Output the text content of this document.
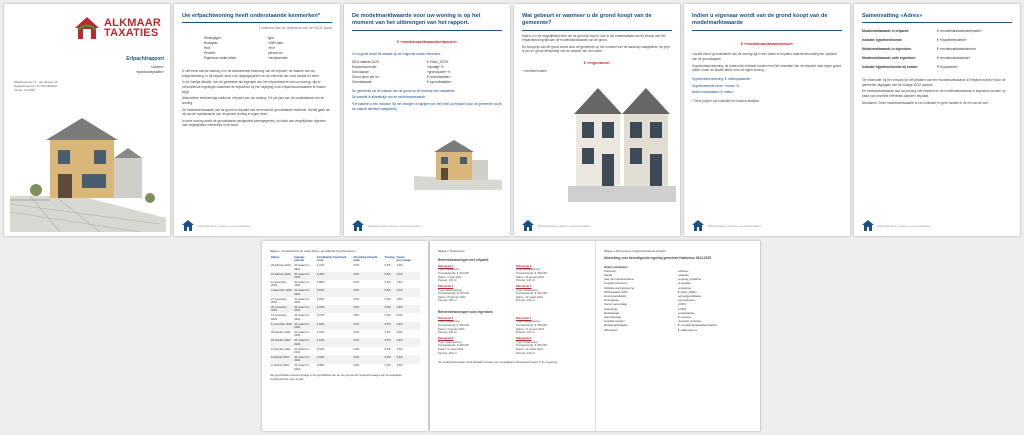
ALKMAAR
TAXATIES
Erfpachtrapport
«Adres»
«postcodeplaats»
Objectnummer: 0_ van de test: 15
Rapportnummer: 47/ 04/7/9/2024
Versie: 1.0.2024
Uw erfpachtwoning heeft onderstaande kenmerken*
(*ontleend aan de gegevens van het WOZ-loket)
Woningtype:	type
Bouwjaar:	«ßW»-jaar
Wof:	«m²»
Perceel:	perceel m²
Eigendom onder tafels:	«eindperiode»

U ziet eerst wat we dankzij u en de aanwezende besturing van de erfpacht, de waarde van uw erfpachtwoning. In dit rapport vindt u de uitgangspunten en de uitkomst van onze taxatie en meer.

In de huidige situatie, met de gemeente als eigenaar van het erfpachtsrecht van uw woning, zijn er verschillende regelingen waarmee de erfpachter bij een wijziging in de erfpachtvoorwaarden te maken krijgt.

Alternatieve berekenings-methode: erfpacht van uw woning: 1% per jaar van de marktwaarde van de woning.

De modelmarktwaarde van de grond is bepaald met de residuele grondwaarde methode. Hierbij gaan we uit van de marktwaarde van de gehele woning in eigen bezit.

In deze woning wordt de grondwaarde vastgesteld (weergegeven) op basis van vergelijkbare objecten met vergelijkbare referenties in de buurt.

Erfpachtrapport «Adres» «postcodeplaats»
De modelmarktwaarde voor uw woning is op het moment van het uitbrengen van het rapport.
€ «modelmarktwaardeerfpacht»
In uw geval wordt de waarde op de volgende manier berekend:
WOZ waarde 2023:	€ «Woz_2023»
Erfpachtcorrectie:	«opslag» %
Grondquote:	«grondquote» %
Grond norm per m²:	€ «normmetriek»
Grondwaarde:	€ «grondwaarde»

De gemeente zal de waarde van de grond op dit moment niet vaststellen.

De waarde is afhankelijk van de modelmarktwaarde.

*De waarde is een indicatie. Bij het vestigen of wijzigen van het recht op erfpacht door de gemeente wordt de waarde definitief vastgesteld.

Erfpachtrapport «Adres» «postcodeplaats»
Wat gebeurt er wanneer u de grond koopt van de gemeente?

Indien u in de mogelijkheid bent om de grond te kopen, dan is het eindresultaat van de inkoop van het erfpachtrecht gelijk aan de modelmarktwaarde van de grond.

De koopprijs van de grond wordt door de gemeente op het moment van de aankoop vastgesteld, de prijs is per m² grond afhankelijk van de waarde van de locatie.

€ «eigendom»
* exclusief kosten
Erfpachtrapport «Adres» «postcodeplaats»
Indien u eigenaar wordt van de grond koopt van de modelmarktwaarde
€ «modelmarktwaardewoh»

Locatie kavel: grondwaarde van de woning ligt in een nader te bepalen waardeverhouding ten opzichte van de grondwaarde.

Hypotheekberekening: de kosten die verband houden met het omzetten van de erfpacht naar eigen grond vallen onder de fiscale aftrek voor de eigen woning.

Hypotheekberekening: € «afkoopwaarde»

Hypotheekrente rente: «rente» %

Netto maandlasten: € «netto»

* Deze prijzen zijn indicatief en kunnen afwijken.
Erfpachtrapport «Adres» «postcodeplaats»
Samenvatting «Adres»
Modelmarktwaarde in erfpacht:	€ «modelmarktwaardeerfpacht»
Indicatie hypotheekruimte:	€ «hypotheekruimte»
Modelmarktwaarde in eigendom:	€ «modelmarktwaardewoh»
Modelmarktwaarde volle eigendom:	€ «modelmarktwaarde»
Indicatie hypotheekruimte bij kosten:	€ «hypotheek»

Ter informatie: bij het verzoek tot het bepalen van een modelmarktwaarde in erfpacht wordt er door de gemeente uitgegaan van de huidige WOZ-waarde.

De modelmarktwaarde van uw woning met erfpacht en de modelmarktwaarde in eigendom worden op basis van dezelfde referentie-objecten bepaald.

Disclaimer: Deze modelmarktwaarde is een indicatie en geen taxatie in de zin van de wet.

Erfpachtrapport «Adres» «postcodeplaats»
Bijlage 1: Erfpachtrente 20 maart 2024 » gemiddelde hypotheekrente
Datum	Ingangs periode	Gemiddelde hypotheek rente	Afronding erfpacht rente	Toeslag	Canon percentage
26 februari 2024	30 maart t/m 2024	3,41%	3,5%	0,5%	4,0%
19 februari 2024	30 maart t/m 2024	3,45%	3,5%	0,5%	4,0%
11 december 2023	30 maart t/m 2024	3,88%	4,0%	0,5%	4,5%
4 december 2023	30 maart t/m 2024	3,64%	3,5%	0,5%	4,0%
27 november 2023	30 maart t/m 2024	3,92%	4,0%	0,5%	4,5%
20 november 2023	30 maart t/m 2024	4,24%	4,0%	0,5%	4,5%
13 november 2023	30 maart t/m 2024	4,27%	4,5%	0,5%	5,0%
6 november 2023	30 maart t/m 2024	4,18%	4,0%	0,5%	4,5%
30 oktober 2023	30 maart t/m 2024	4,31%	4,5%	0,5%	5,0%
23 oktober 2023	30 maart t/m 2024	4,12%	4,0%	0,5%	4,5%
16 oktober 2023	30 maart t/m 2024	4,02%	4,0%	0,5%	4,5%
9 oktober 2023	30 maart t/m 2024	4,04%	4,0%	0,5%	4,5%
2 oktober 2023	30 maart t/m 2024	4,06%	4,0%	0,5%	4,5%
Het gemiddelde rentepercentage is het gemiddelde van de vier genoemde rentepercentages van de wekelijkse hypotheekrente over 10 jaar.
Bijlage 2: Referenties
Referentiewoningen met erfpacht
Referentie 1
Type: hoekwoning
Transactieprijs: € 410.000
Datum: 2 april 2024
Perceel: 131 m²
Referentie 2
Type: tussenwoning
Transactieprijs: € 395.000
Datum: 26 januari 2024
Perceel: 120 m²
Referentie 3
Type: tussenwoning
Transactieprijs: € 375.000
Datum: 8 februari 2024
Perceel: 118 m²
Referentie 4
Type: hoekwoning
Transactieprijs: € 420.000
Datum: 13 maart 2024
Perceel: 140 m²
Referentiewoningen volle eigendom
Referentie 1
Type: hoekwoning
Transactieprijs: € 455.000
Datum: 2 januari 2024
Perceel: 135 m²
Referentie 2
Type: tussenwoning
Transactieprijs: € 438.000
Datum: 17 januari 2024
Perceel: 122 m²
Referentie 3
Type: tussenwoning
Transactieprijs: € 428.000
Datum: 5 maart 2024
Perceel: 119 m²
Referentie 4
Type: hoekwoning
Transactieprijs: € 469.000
Datum: 12 maart 2024
Perceel: 142 m²
De modelmarktwaarde wordt bepaald op basis van vergelijkbare referentiewoningen in de omgeving.
Bijlage 3: Berekening modelmarktwaarde erfpacht
Uitwerking voor bevestigende regeling gemeente Holderken 2024-2025
Object variabelen:
Postcode	«Adres»
Aantal	«aantal»
Jaar van ingebruikname	«ingang_erfpacht»
Looptijd resterend	«Looptijd»
Indicatie woningtypering	«typering»
WOZ-waarde 2023	€ «Woz_2023»
Grond gemiddeld	«grondgemiddeld»
Grondquote	«grondquote»
Canon percentage	4,00%
Indexering	2,00%
Restwaarde	«restwaarde»
Canonbedrag	€ «canon»
Looptijd contract	«looptijd_contract»
Modelmarktwaarde	€ «modelmarktwaardeerfpacht»
Afkoopsom	€ «afkoopsom»
